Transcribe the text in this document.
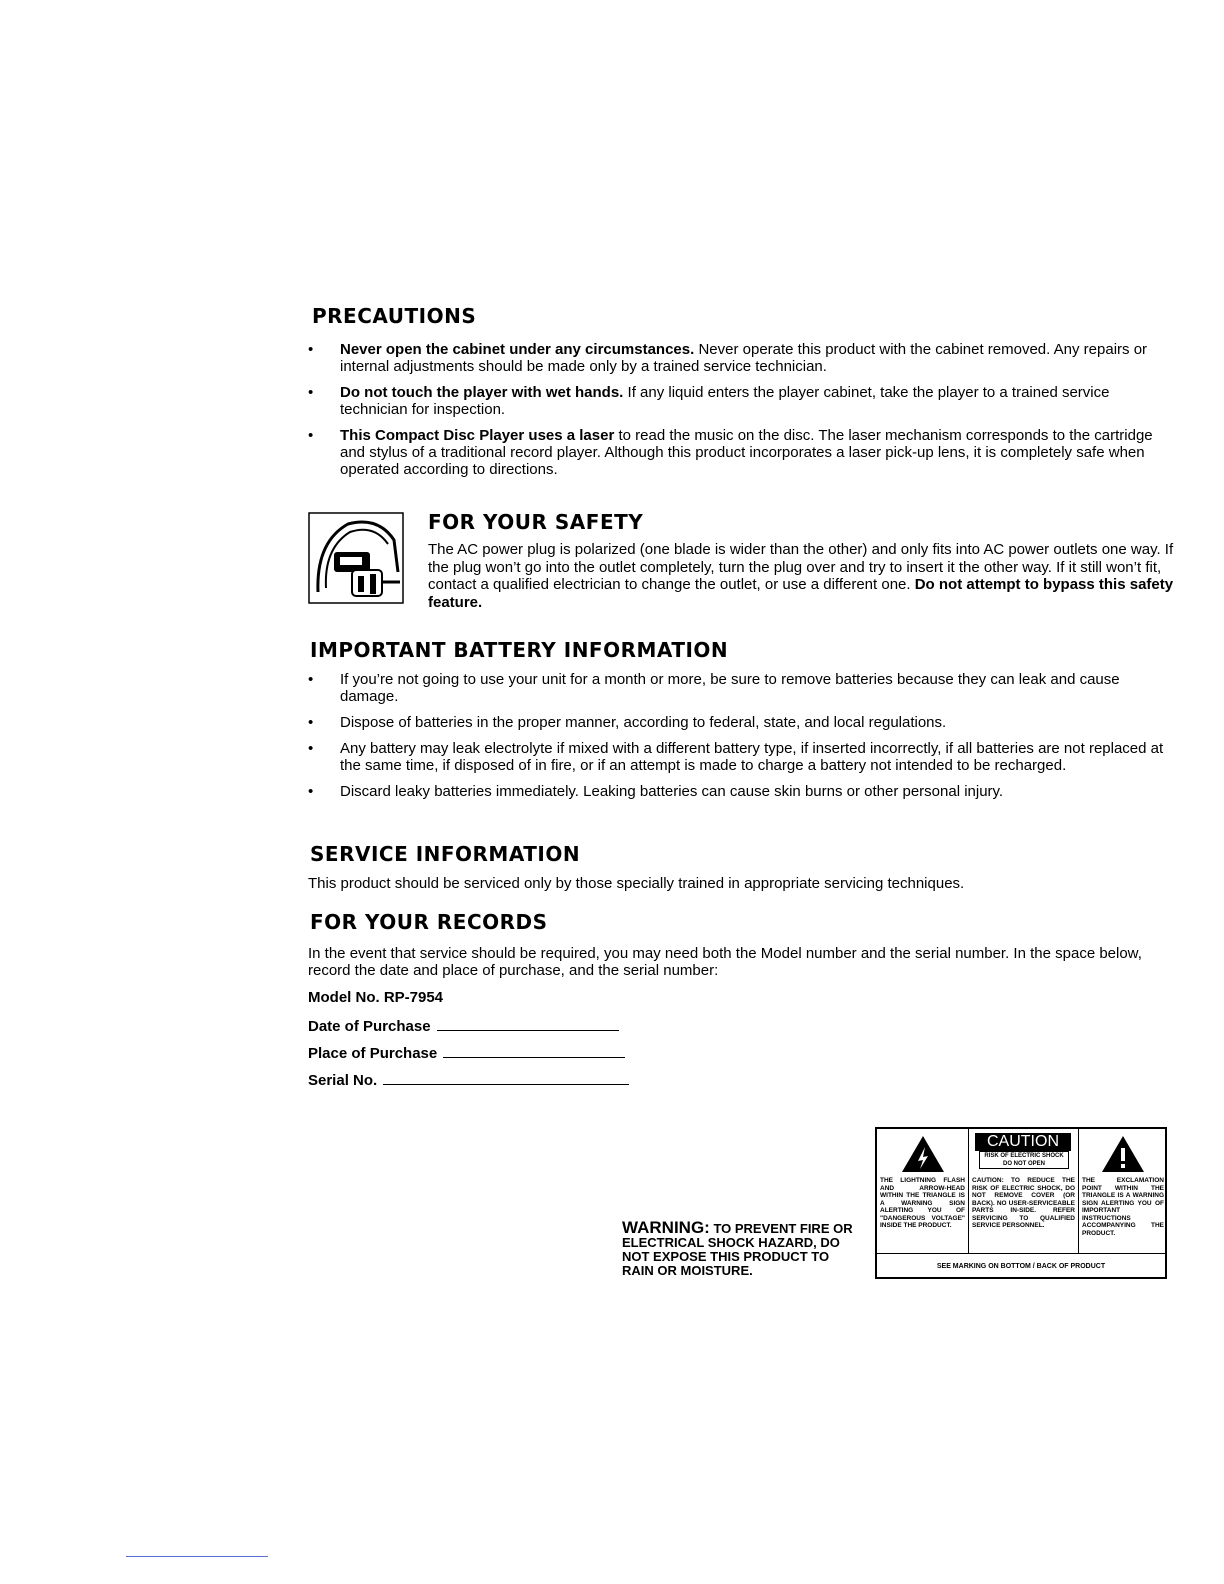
PRECAUTIONS
• Never open the cabinet under any circumstances. Never operate this product with the cabinet removed. Any repairs or internal adjustments should be made only by a trained service technician.
• Do not touch the player with wet hands. If any liquid enters the player cabinet, take the player to a trained service technician for inspection.
• This Compact Disc Player uses a laser to read the music on the disc. The laser mechanism corresponds to the cartridge and stylus of a traditional record player. Although this product incorporates a laser pick-up lens, it is completely safe when operated according to directions.
FOR YOUR SAFETY

The AC power plug is polarized (one blade is wider than the other) and only fits into AC power outlets one way. If the plug won’t go into the outlet completely, turn the plug over and try to insert it the other way. If it still won’t fit, contact a qualified electrician to change the outlet, or use a different one. Do not attempt to bypass this safety feature.

IMPORTANT BATTERY INFORMATION
• If you’re not going to use your unit for a month or more, be sure to remove batteries because they can leak and cause damage.
• Dispose of batteries in the proper manner, according to federal, state, and local regulations.
• Any battery may leak electrolyte if mixed with a different battery type, if inserted incorrectly, if all batteries are not replaced at the same time, if disposed of in fire, or if an attempt is made to charge a battery not intended to be recharged.
• Discard leaky batteries immediately. Leaking batteries can cause skin burns or other personal injury.
SERVICE INFORMATION

This product should be serviced only by those specially trained in appropriate servicing techniques.

FOR YOUR RECORDS

In the event that service should be required, you may need both the Model number and the serial number. In the space below, record the date and place of purchase, and the serial number:

Model No. RP-7954
Date of Purchase
Place of Purchase
Serial No.
WARNING: TO PREVENT FIRE OR ELECTRICAL SHOCK HAZARD, DO NOT EXPOSE THIS PRODUCT TO RAIN OR MOISTURE.
THE LIGHTNING FLASH AND ARROW-HEAD WITHIN THE TRIANGLE IS A WARNING SIGN ALERTING YOU OF "DANGEROUS VOLTAGE" INSIDE THE PRODUCT.
CAUTION
RISK OF ELECTRIC SHOCK
DO NOT OPEN
CAUTION: TO REDUCE THE RISK OF ELECTRIC SHOCK, DO NOT REMOVE COVER (OR BACK). NO USER-SERVICEABLE PARTS IN-SIDE. REFER SERVICING TO QUALIFIED SERVICE PERSONNEL.
THE EXCLAMATION POINT WITHIN THE TRIANGLE IS A WARNING SIGN ALERTING YOU OF IMPORTANT INSTRUCTIONS ACCOMPANYING THE PRODUCT.
SEE MARKING ON BOTTOM / BACK OF PRODUCT
